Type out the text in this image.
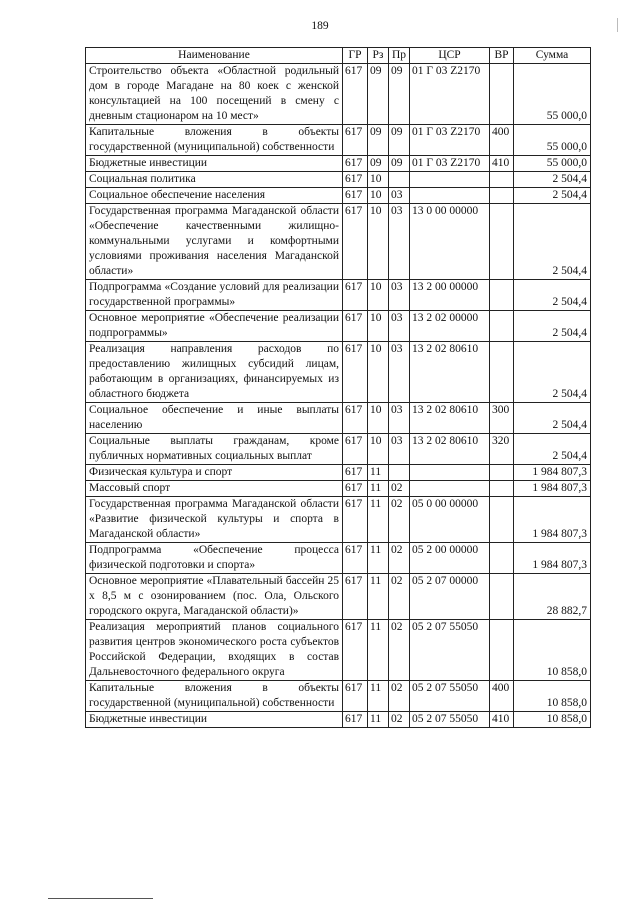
189
Наименование	ГР	Рз	Пр	ЦСР	ВР	Сумма
Строительство объекта «Областной родильный дом в городе Магадане на 80 коек с женской консультацией на 100 посещений в смену с дневным стационаром на 10 мест»	617	09	09	01 Г 03 Z2170		55 000,0
Капитальные вложения в объекты государственной (муниципальной) собственности	617	09	09	01 Г 03 Z2170	400	55 000,0
Бюджетные инвестиции	617	09	09	01 Г 03 Z2170	410	55 000,0
Социальная политика	617	10				2 504,4
Социальное обеспечение населения	617	10	03			2 504,4
Государственная программа Магаданской области «Обеспечение качественными жилищно-коммунальными услугами и комфортными условиями проживания населения Магаданской области»	617	10	03	13 0 00 00000		2 504,4
Подпрограмма «Создание условий для реализации государственной программы»	617	10	03	13 2 00 00000		2 504,4
Основное мероприятие «Обеспечение реализации подпрограммы»	617	10	03	13 2 02 00000		2 504,4
Реализация направления расходов по предоставлению жилищных субсидий лицам, работающим в организациях, финансируемых из областного бюджета	617	10	03	13 2 02 80610		2 504,4
Социальное обеспечение и иные выплаты населению	617	10	03	13 2 02 80610	300	2 504,4
Социальные выплаты гражданам, кроме публичных нормативных социальных выплат	617	10	03	13 2 02 80610	320	2 504,4
Физическая культура и спорт	617	11				1 984 807,3
Массовый спорт	617	11	02			1 984 807,3
Государственная программа Магаданской области «Развитие физической культуры и спорта в Магаданской области»	617	11	02	05 0 00 00000		1 984 807,3
Подпрограмма «Обеспечение процесса физической подготовки и спорта»	617	11	02	05 2 00 00000		1 984 807,3
Основное мероприятие «Плавательный бассейн 25 х 8,5 м с озонированием (пос. Ола, Ольского городского округа, Магаданской области)»	617	11	02	05 2 07 00000		28 882,7
Реализация мероприятий планов социального развития центров экономического роста субъектов Российской Федерации, входящих в состав Дальневосточного федерального округа	617	11	02	05 2 07 55050		10 858,0
Капитальные вложения в объекты государственной (муниципальной) собственности	617	11	02	05 2 07 55050	400	10 858,0
Бюджетные инвестиции	617	11	02	05 2 07 55050	410	10 858,0
